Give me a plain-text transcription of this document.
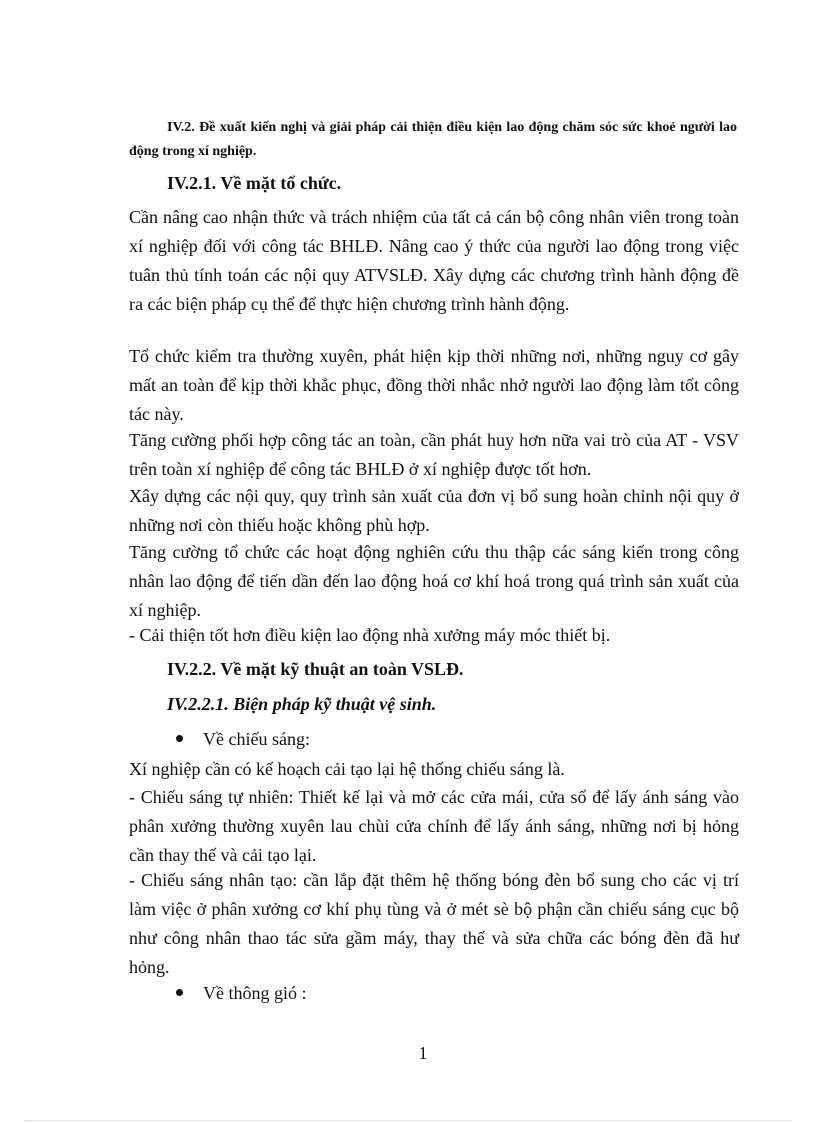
IV.2. Đề xuất kiến nghị và giải pháp cải thiện điều kiện lao động chăm sóc sức khoẻ người lao động trong xí nghiệp.

IV.2.1. Về mặt tổ chức.

Cần nâng cao nhận thức và trách nhiệm của tất cả cán bộ công nhân viên trong toàn xí nghiệp đối với công tác BHLĐ. Nâng cao ý thức của người lao động trong việc tuân thủ tính toán các nội quy ATVSLĐ. Xây dựng các chương trình hành động đề ra các biện pháp cụ thể để thực hiện chương trình hành động.

Tổ chức kiểm tra thường xuyên, phát hiện kịp thời những nơi, những nguy cơ gây mất an toàn để kịp thời khắc phục, đồng thời nhắc nhở người lao động làm tốt công tác này.

Tăng cường phối hợp công tác an toàn, cần phát huy hơn nữa vai trò của AT - VSV trên toàn xí nghiệp để công tác BHLĐ ở xí nghiệp được tốt hơn.

Xây dựng các nội quy, quy trình sản xuất của đơn vị bổ sung hoàn chỉnh nội quy ở những nơi còn thiếu hoặc không phù hợp.

Tăng cường tổ chức các hoạt động nghiên cứu thu thập các sáng kiến trong công nhân lao động để tiến dần đến lao động hoá cơ khí hoá trong quá trình sản xuất của xí nghiệp.

- Cải thiện tốt hơn điều kiện lao động nhà xưởng máy móc thiết bị.

IV.2.2. Về mặt kỹ thuật an toàn VSLĐ.
IV.2.2.1. Biện pháp kỹ thuật vệ sinh.

Về chiếu sáng:

Xí nghiệp cần có kế hoạch cải tạo lại hệ thống chiếu sáng là.

- Chiếu sáng tự nhiên: Thiết kế lại và mở các cửa mái, cửa sổ để lấy ánh sáng vào phân xưởng thường xuyên lau chùi cửa chính để lấy ánh sáng, những nơi bị hỏng cần thay thế và cải tạo lại.

- Chiếu sáng nhân tạo: cần lắp đặt thêm hệ thống bóng đèn bổ sung cho các vị trí làm việc ở phân xưởng cơ khí phụ tùng và ở mét sè bộ phận cần chiếu sáng cục bộ như công nhân thao tác sửa gầm máy, thay thế và sửa chữa các bóng đèn đã hư hỏng.

Về thông gió :

1
